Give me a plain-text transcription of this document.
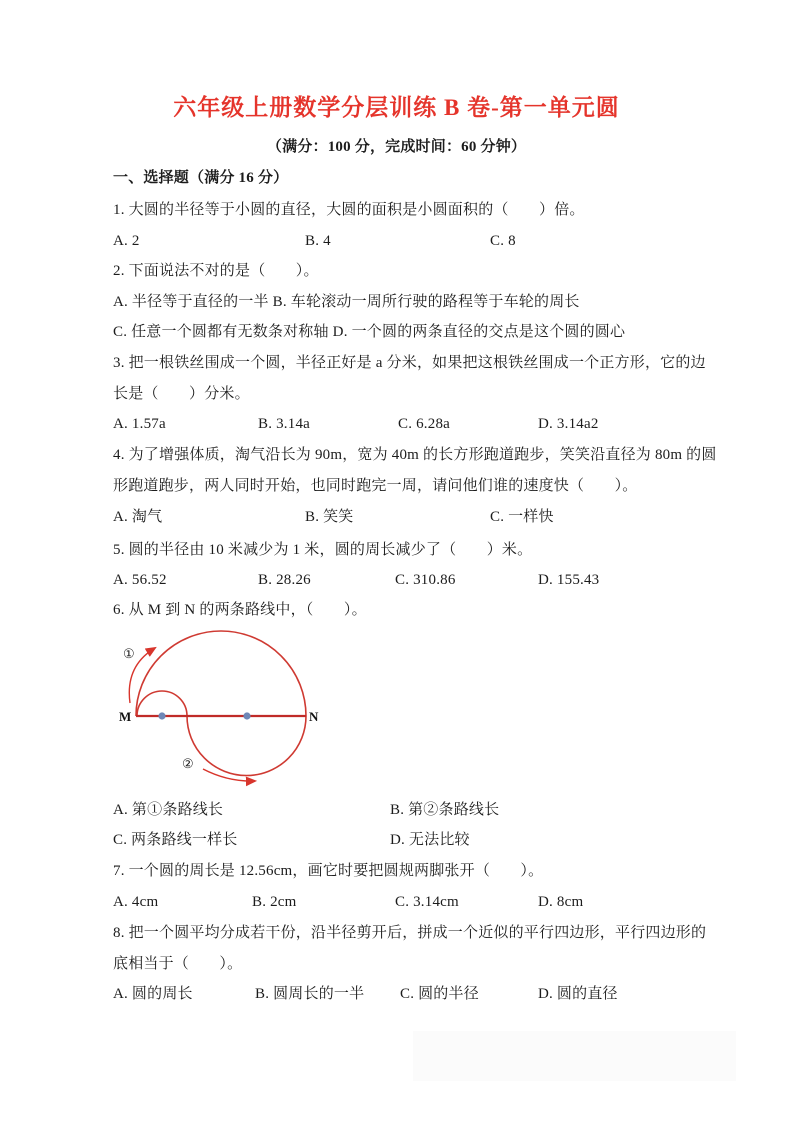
六年级上册数学分层训练 B 卷-第一单元圆
（满分：100 分，完成时间：60 分钟）
一、选择题（满分 16 分）
1. 大圆的半径等于小圆的直径，大圆的面积是小圆面积的（　　）倍。
A. 2	B. 4	C. 8
2. 下面说法不对的是（　　）。
A. 半径等于直径的一半 B. 车轮滚动一周所行驶的路程等于车轮的周长
C. 任意一个圆都有无数条对称轴 D. 一个圆的两条直径的交点是这个圆的圆心
3. 把一根铁丝围成一个圆，半径正好是 a 分米，如果把这根铁丝围成一个正方形，它的边
长是（　　）分米。
A. 1.57a	B. 3.14a	C. 6.28a	D. 3.14a2
4. 为了增强体质，淘气沿长为 90m，宽为 40m 的长方形跑道跑步，笑笑沿直径为 80m 的圆
形跑道跑步，两人同时开始，也同时跑完一周，请问他们谁的速度快（　　）。
A. 淘气	B. 笑笑	C. 一样快
5. 圆的半径由 10 米减少为 1 米，圆的周长减少了（　　）米。
A. 56.52	B. 28.26	C. 310.86	D. 155.43
6. 从 M 到 N 的两条路线中，（　　）。
M	N
①
②
A. 第①条路线长	B. 第②条路线长
C. 两条路线一样长	D. 无法比较
7. 一个圆的周长是 12.56cm，画它时要把圆规两脚张开（　　）。
A. 4cm	B. 2cm	C. 3.14cm	D. 8cm
8. 把一个圆平均分成若干份，沿半径剪开后，拼成一个近似的平行四边形，平行四边形的
底相当于（　　）。
A. 圆的周长	B. 圆周长的一半 C. 圆的半径	D. 圆的直径
